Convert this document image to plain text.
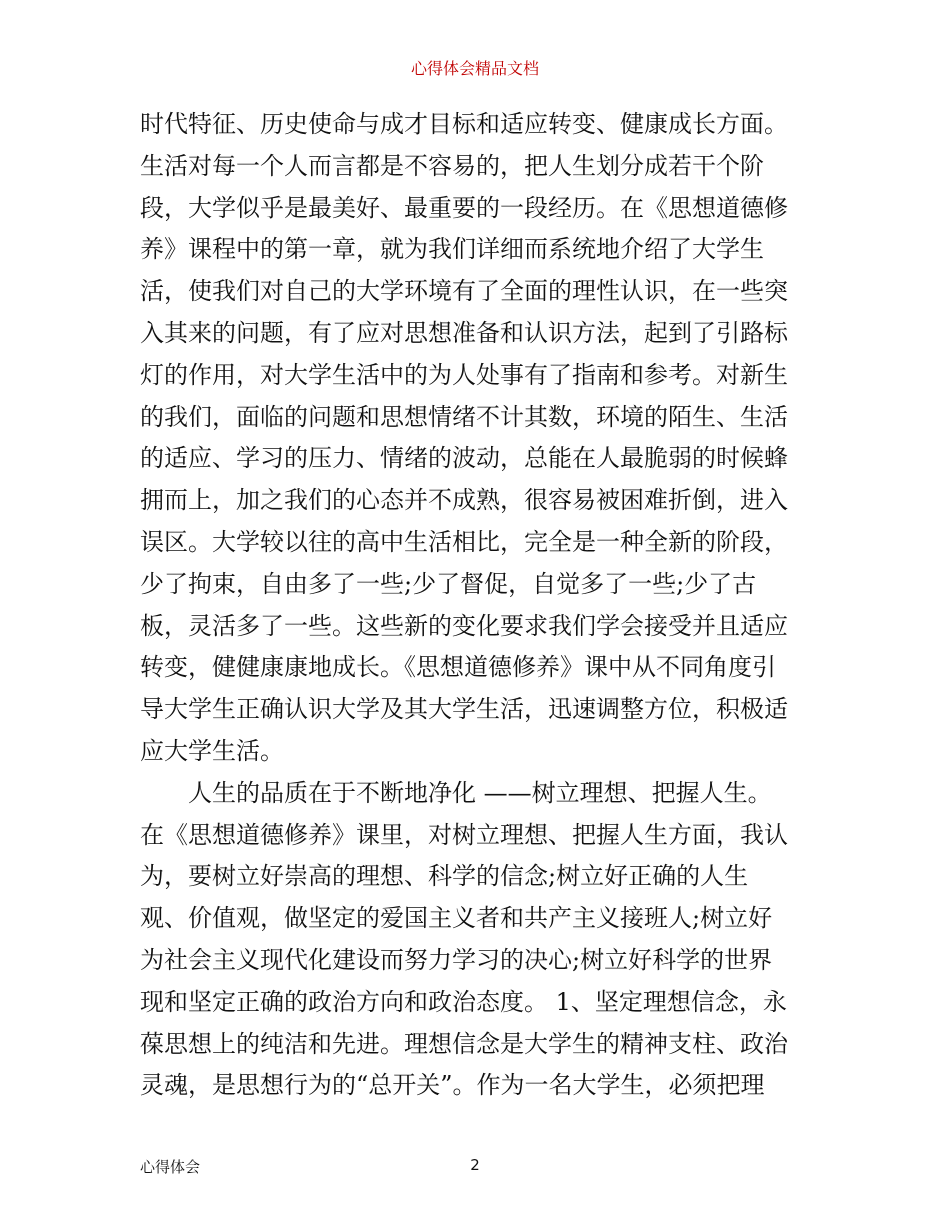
心得体会精品文档
时代特征、历史使命与成才目标和适应转变、健康成长方面。
生活对每一个人而言都是不容易的，把人生划分成若干个阶
段，大学似乎是最美好、最重要的一段经历。在《思想道德修
养》课程中的第一章，就为我们详细而系统地介绍了大学生
活，使我们对自己的大学环境有了全面的理性认识，在一些突
入其来的问题，有了应对思想准备和认识方法，起到了引路标
灯的作用，对大学生活中的为人处事有了指南和参考。对新生
的我们，面临的问题和思想情绪不计其数，环境的陌生、生活
的适应、学习的压力、情绪的波动，总能在人最脆弱的时候蜂
拥而上，加之我们的心态并不成熟，很容易被困难折倒，进入
误区。大学较以往的高中生活相比，完全是一种全新的阶段，
少了拘束，自由多了一些;少了督促，自觉多了一些;少了古
板，灵活多了一些。这些新的变化要求我们学会接受并且适应
转变，健健康康地成长。《思想道德修养》课中从不同角度引
导大学生正确认识大学及其大学生活，迅速调整方位，积极适
应大学生活。
人生的品质在于不断地净化 ——树立理想、把握人生。
在《思想道德修养》课里，对树立理想、把握人生方面，我认
为，要树立好崇高的理想、科学的信念;树立好正确的人生
观、价值观，做坚定的爱国主义者和共产主义接班人;树立好
为社会主义现代化建设而努力学习的决心;树立好科学的世界
现和坚定正确的政治方向和政治态度。 1、坚定理想信念，永
葆思想上的纯洁和先进。理想信念是大学生的精神支柱、政治
灵魂，是思想行为的“总开关”。作为一名大学生，必须把理
心得体会	2
